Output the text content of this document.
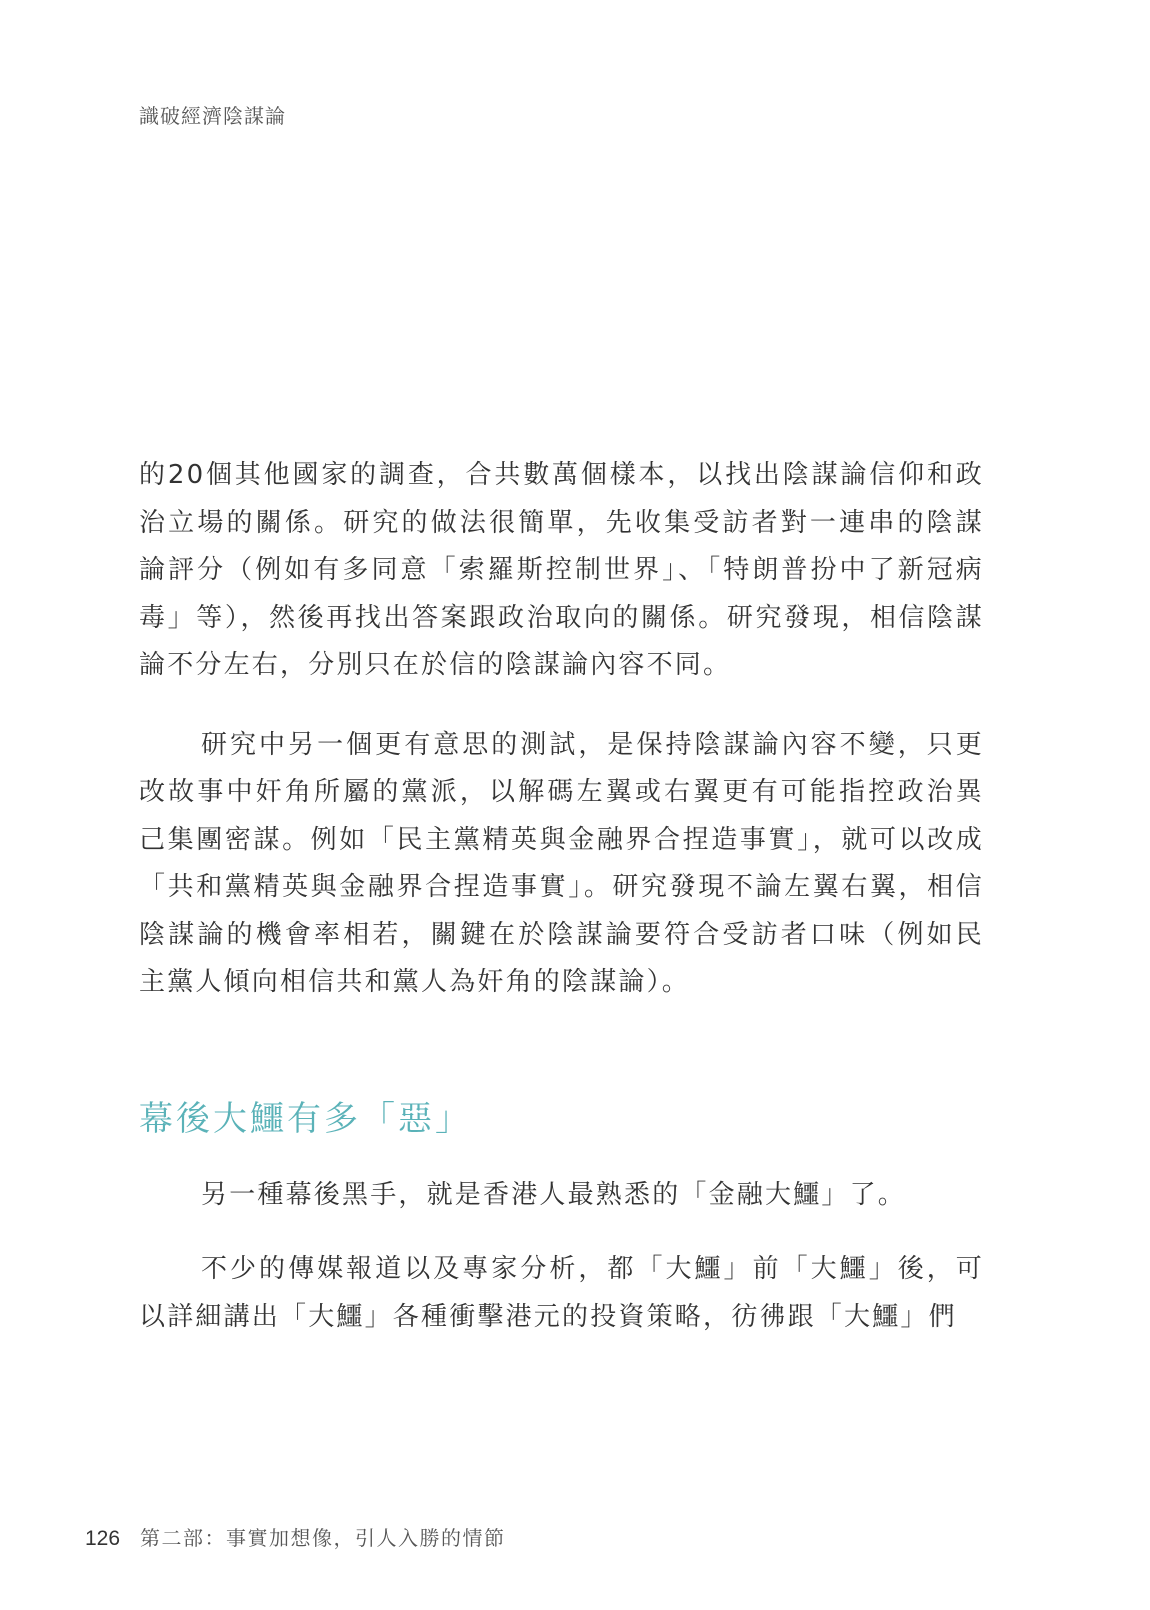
識破經濟陰謀論

的20個其他國家的調查，合共數萬個樣本，以找出陰謀論信仰和政治立場的關係。研究的做法很簡單，先收集受訪者對一連串的陰謀論評分（例如有多同意「索羅斯控制世界」、「特朗普扮中了新冠病毒」等），然後再找出答案跟政治取向的關係。研究發現，相信陰謀論不分左右，分別只在於信的陰謀論內容不同。

研究中另一個更有意思的測試，是保持陰謀論內容不變，只更改故事中奸角所屬的黨派，以解碼左翼或右翼更有可能指控政治異己集團密謀。例如「民主黨精英與金融界合捏造事實」，就可以改成「共和黨精英與金融界合捏造事實」。研究發現不論左翼右翼，相信陰謀論的機會率相若，關鍵在於陰謀論要符合受訪者口味（例如民主黨人傾向相信共和黨人為奸角的陰謀論）。

幕後大鱷有多「惡」

另一種幕後黑手，就是香港人最熟悉的「金融大鱷」了。

不少的傳媒報道以及專家分析，都「大鱷」前「大鱷」後，可以詳細講出「大鱷」各種衝擊港元的投資策略，彷彿跟「大鱷」們

126 第二部：事實加想像，引人入勝的情節
